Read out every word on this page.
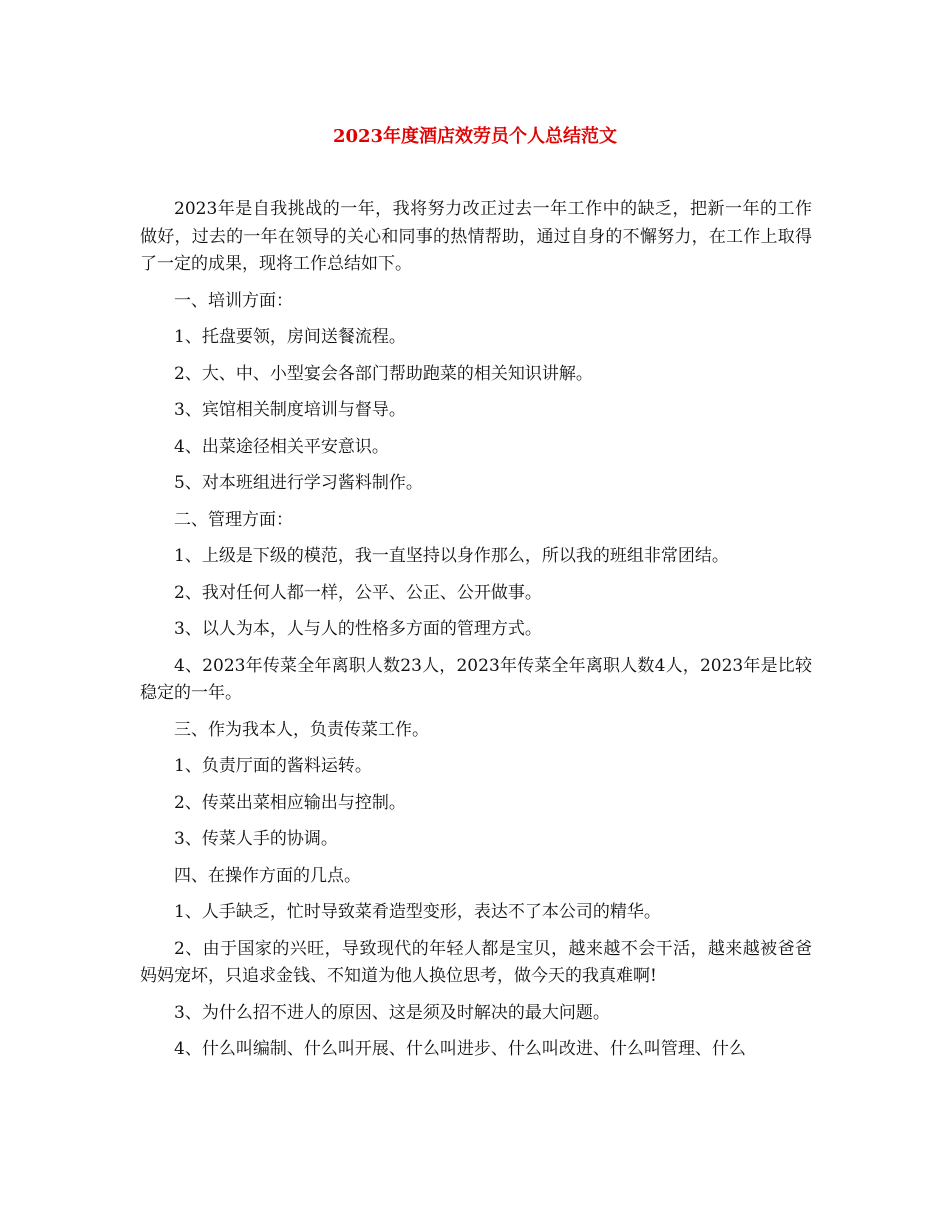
2023年度酒店效劳员个人总结范文

2023年是自我挑战的一年，我将努力改正过去一年工作中的缺乏，把新一年的工作做好，过去的一年在领导的关心和同事的热情帮助，通过自身的不懈努力，在工作上取得了一定的成果，现将工作总结如下。

一、培训方面：

1、托盘要领，房间送餐流程。

2、大、中、小型宴会各部门帮助跑菜的相关知识讲解。

3、宾馆相关制度培训与督导。

4、出菜途径相关平安意识。

5、对本班组进行学习酱料制作。

二、管理方面：

1、上级是下级的模范，我一直坚持以身作那么，所以我的班组非常团结。

2、我对任何人都一样，公平、公正、公开做事。

3、以人为本，人与人的性格多方面的管理方式。

4、2023年传菜全年离职人数23人，2023年传菜全年离职人数4人，2023年是比较稳定的一年。

三、作为我本人，负责传菜工作。

1、负责厅面的酱料运转。

2、传菜出菜相应输出与控制。

3、传菜人手的协调。

四、在操作方面的几点。

1、人手缺乏，忙时导致菜肴造型变形，表达不了本公司的精华。

2、由于国家的兴旺，导致现代的年轻人都是宝贝，越来越不会干活，越来越被爸爸妈妈宠坏，只追求金钱、不知道为他人换位思考，做今天的我真难啊!

3、为什么招不进人的原因、这是须及时解决的最大问题。

4、什么叫编制、什么叫开展、什么叫进步、什么叫改进、什么叫管理、什么
